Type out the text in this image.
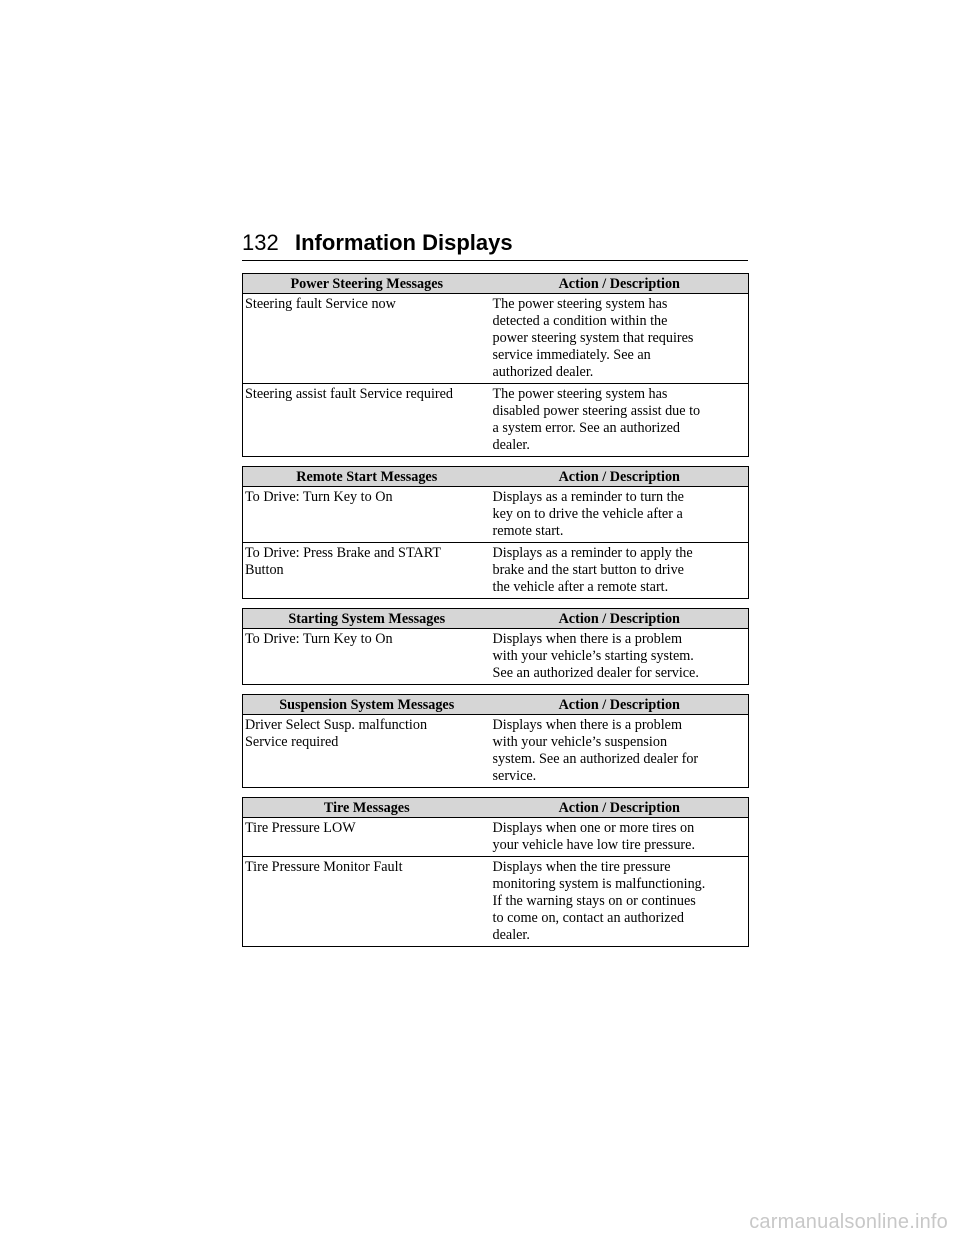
132 Information Displays
Power Steering Messages	Action / Description
Steering fault Service now	The power steering system has
detected a condition within the
power steering system that requires
service immediately. See an
authorized dealer.
Steering assist fault Service required	The power steering system has
disabled power steering assist due to
a system error. See an authorized
dealer.
Remote Start Messages	Action / Description
To Drive: Turn Key to On	Displays as a reminder to turn the
key on to drive the vehicle after a
remote start.
To Drive: Press Brake and START
Button	Displays as a reminder to apply the
brake and the start button to drive
the vehicle after a remote start.
Starting System Messages	Action / Description
To Drive: Turn Key to On	Displays when there is a problem
with your vehicle’s starting system.
See an authorized dealer for service.
Suspension System Messages	Action / Description
Driver Select Susp. malfunction
Service required	Displays when there is a problem
with your vehicle’s suspension
system. See an authorized dealer for
service.
Tire Messages	Action / Description
Tire Pressure LOW	Displays when one or more tires on
your vehicle have low tire pressure.
Tire Pressure Monitor Fault	Displays when the tire pressure
monitoring system is malfunctioning.
If the warning stays on or continues
to come on, contact an authorized
dealer.
carmanualsonline.info
